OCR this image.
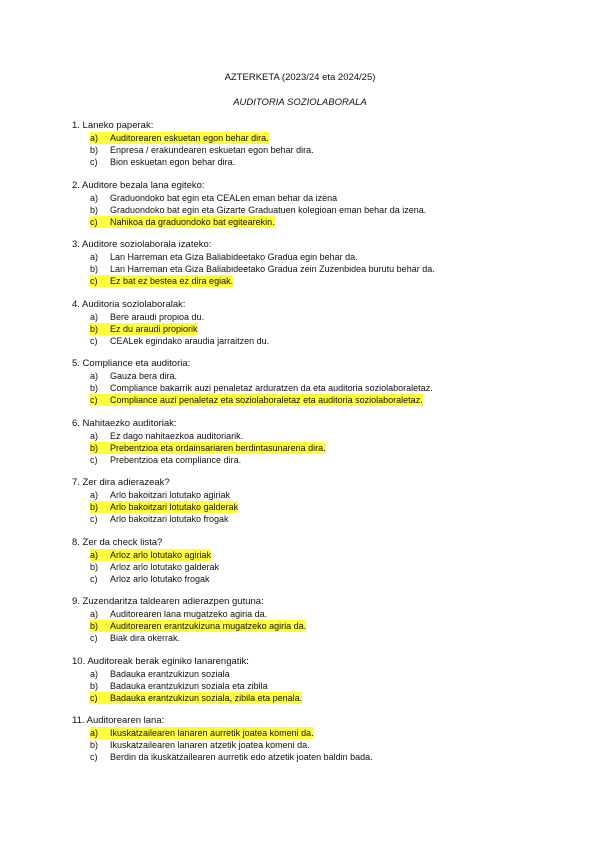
AZTERKETA (2023/24 eta 2024/25)
AUDITORIA SOZIOLABORALA
1. Laneko paperak:
a)	Auditorearen eskuetan egon behar dira.
b)	Enpresa / erakundearen eskuetan egon behar dira.
c)	Bion eskuetan egon behar dira.
2. Auditore bezala lana egiteko:
a)	Graduondoko bat egin eta CEALen eman behar da izena
b)	Graduondoko bat egin eta Gizarte Graduatuen kolegioan eman behar da izena.
c)	Nahikoa da graduondoko bat egitearekin.
3. Auditore soziolaborala izateko:
a)	Lan Harreman eta Giza Baliabideetako Gradua egin behar da.
b)	Lan Harreman eta Giza Baliabideetako Gradua zein Zuzenbidea burutu behar da.
c)	Ez bat ez bestea ez dira egiak.
4. Auditoria soziolaboralak:
a)	Bere araudi propioa du.
b)	Ez du araudi propiorik
c)	CEALek egindako araudia jarraitzen du.
5. Compliance eta auditoria:
a)	Gauza bera dira.
b)	Compliance bakarrik auzi penaletaz arduratzen da eta auditoria soziolaboraletaz.
c)	Compliance auzi penaletaz eta soziolaboraletaz eta auditoria soziolaboraletaz.
6. Nahitaezko auditoriak:
a)	Ez dago nahitaezkoa auditoriarik.
b)	Prebentzioa eta ordainsariaren berdintasunarena dira.
c)	Prebentzioa eta compliance dira.
7. Zer dira adierazeak?
a)	Arlo bakoitzari lotutako agiriak
b)	Arlo bakoitzari lotutako galderak
c)	Arlo bakoitzari lotutako frogak
8. Zer da check lista?
a)	Arloz arlo lotutako agiriak
b)	Arloz arlo lotutako galderak
c)	Arloz arlo lotutako frogak
9. Zuzendaritza taldearen adierazpen gutuna:
a)	Auditorearen lana mugatzeko agiria da.
b)	Auditorearen erantzukizuna mugatzeko agiria da.
c)	Biak dira okerrak.
10. Auditoreak berak eginiko lanarengatik:
a)	Badauka erantzukizun soziala
b)	Badauka erantzukizun soziala eta zibila
c)	Badauka erantzukizun soziala, zibila eta penala.
11. Auditorearen lana:
a)	Ikuskatzailearen lanaren aurretik joatea komeni da.
b)	Ikuskatzailearen lanaren atzetik joatea komeni da.
c)	Berdin da ikuskatzailearen aurretik edo atzetik joaten baldin bada.
